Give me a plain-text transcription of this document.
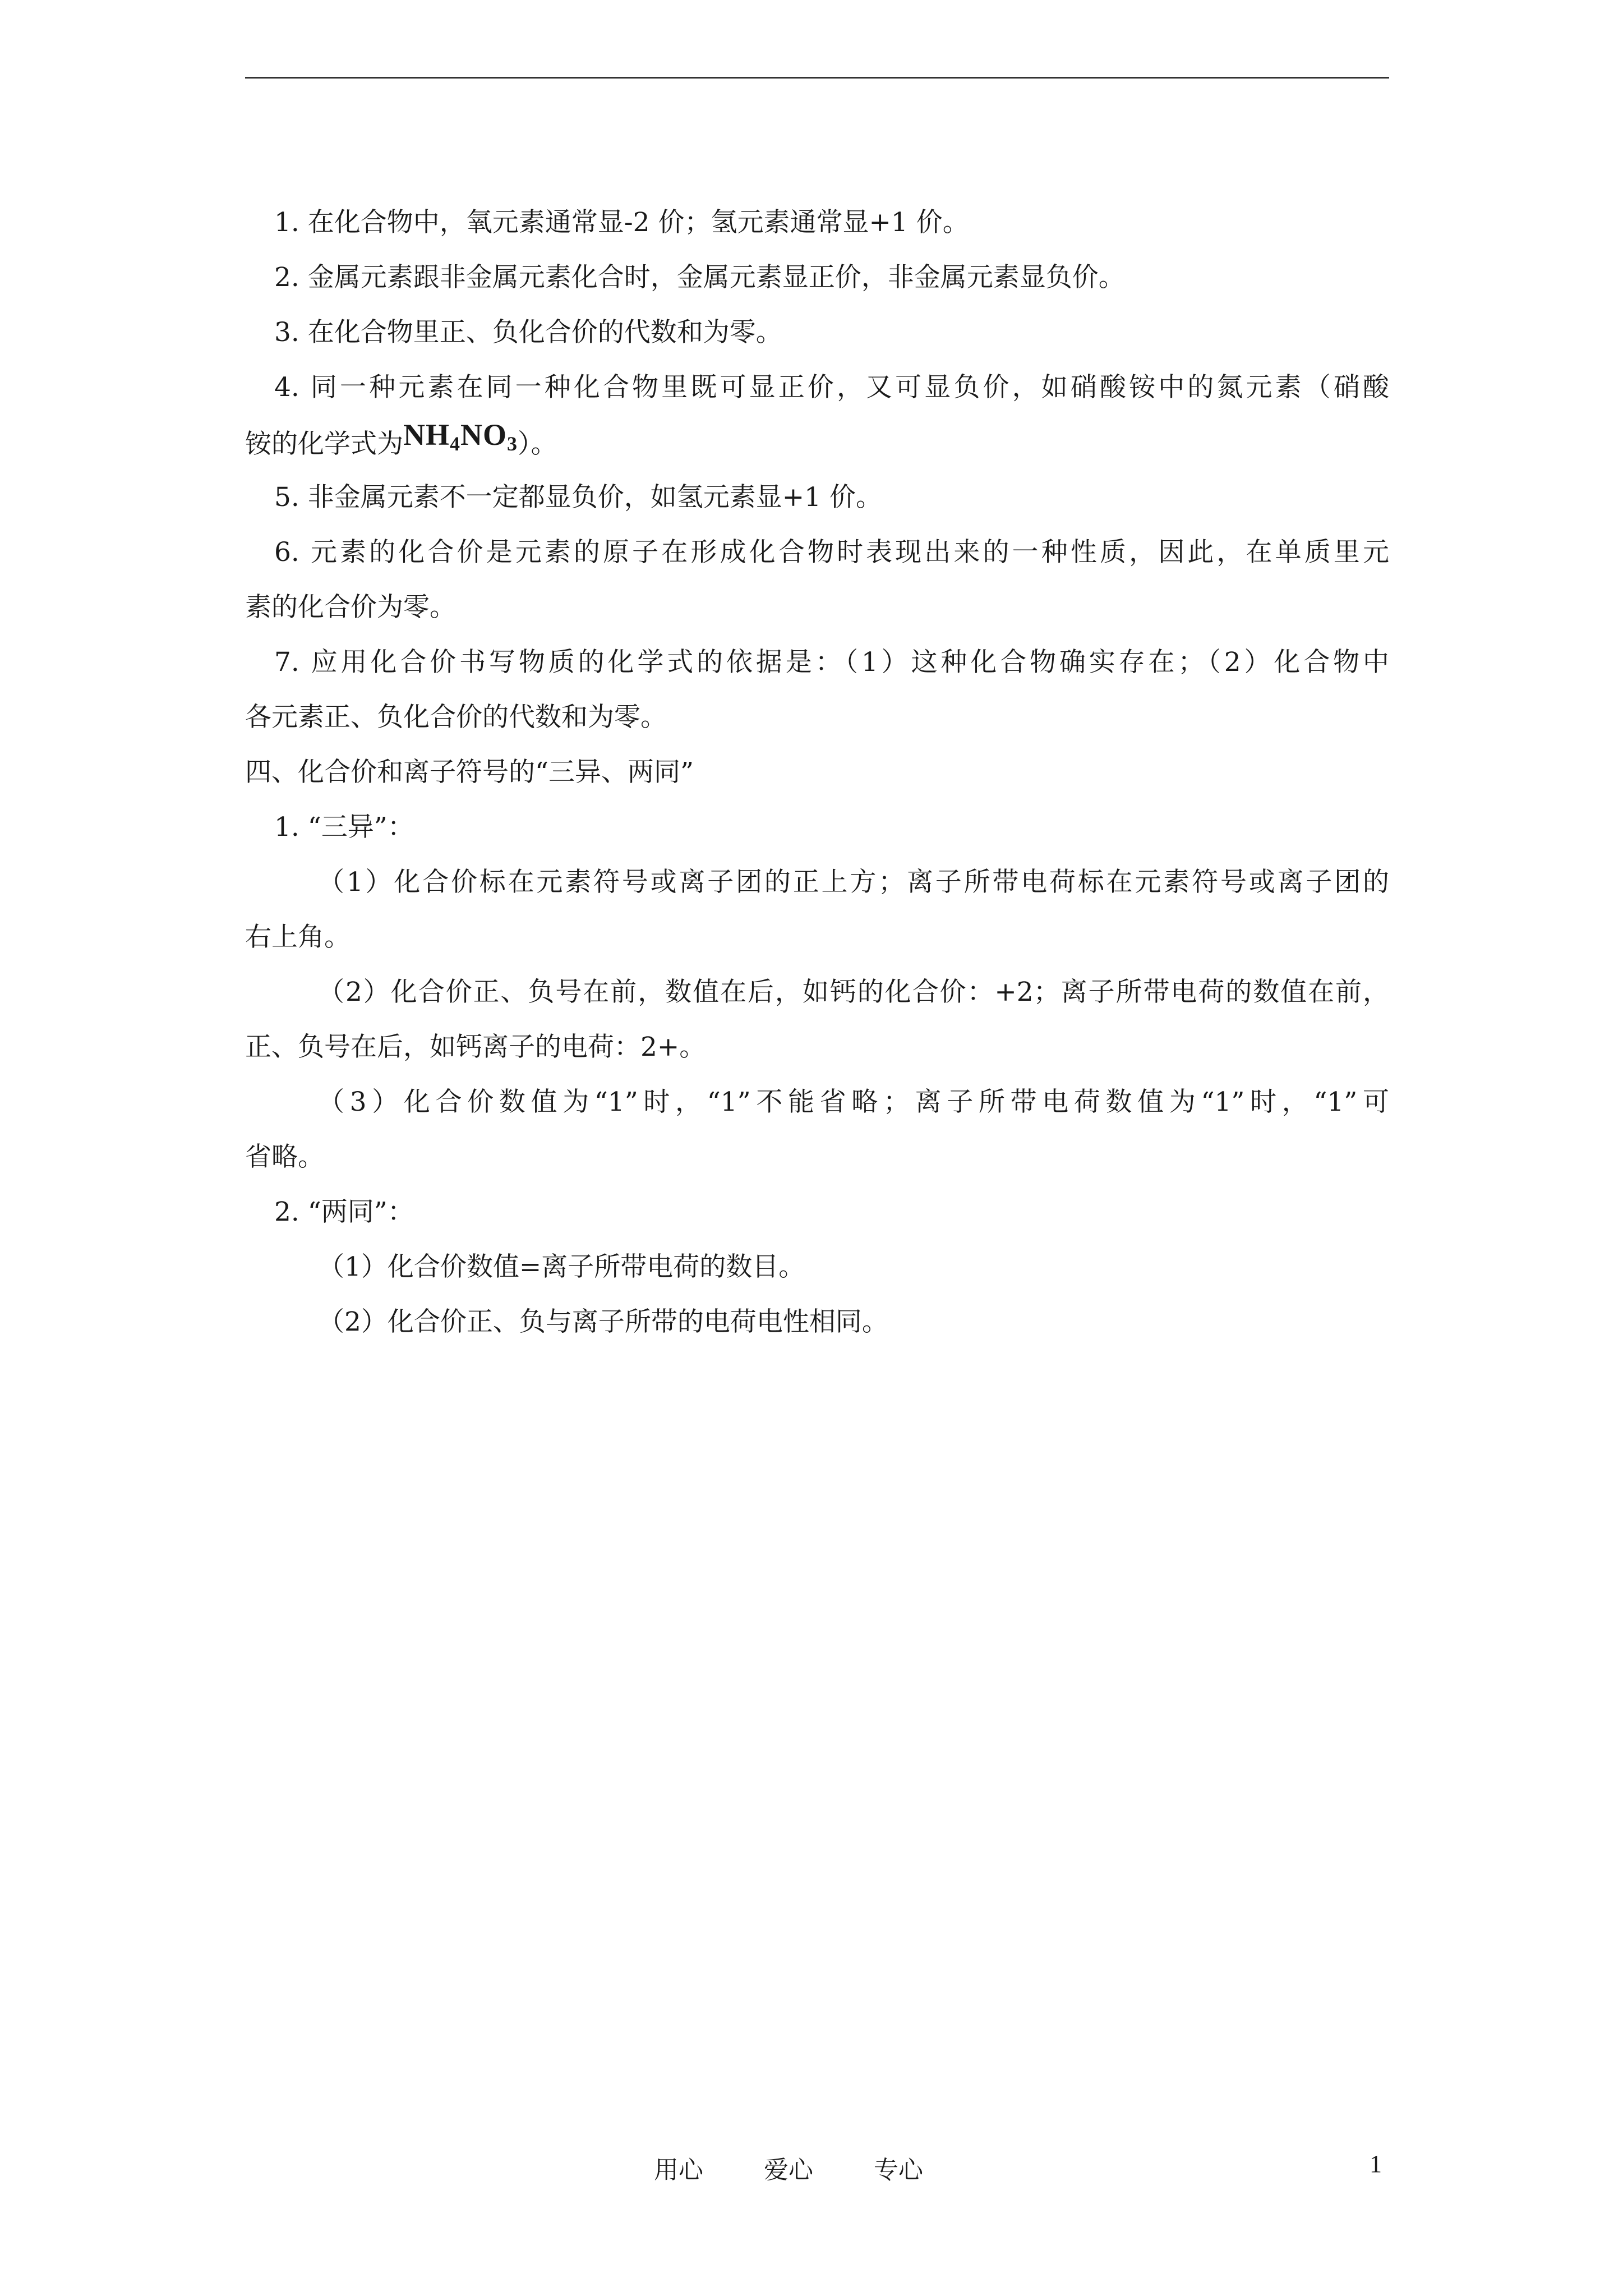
1. 在化合物中，氧元素通常显-2 价；氢元素通常显+1 价。
2. 金属元素跟非金属元素化合时，金属元素显正价，非金属元素显负价。
3. 在化合物里正、负化合价的代数和为零。
4. 同一种元素在同一种化合物里既可显正价，又可显负价，如硝酸铵中的氮元素（硝酸
铵的化学式为$NH_4NO_3$）。
5. 非金属元素不一定都显负价，如氢元素显+1 价。
6. 元素的化合价是元素的原子在形成化合物时表现出来的一种性质，因此，在单质里元
素的化合价为零。
7. 应用化合价书写物质的化学式的依据是：（1）这种化合物确实存在；（2）化合物中
各元素正、负化合价的代数和为零。
四、化合价和离子符号的“三异、两同”
1. “三异”：
（1）化合价标在元素符号或离子团的正上方；离子所带电荷标在元素符号或离子团的
右上角。
（2）化合价正、负号在前，数值在后，如钙的化合价：+2；离子所带电荷的数值在前，
正、负号在后，如钙离子的电荷：2+。
（3）化合价数值为“1”时，“1”不能省略；离子所带电荷数值为“1”时，“1”可
省略。
2. “两同”：
（1）化合价数值=离子所带电荷的数目。
（2）化合价正、负与离子所带的电荷电性相同。
用心 爱心 专心	1
